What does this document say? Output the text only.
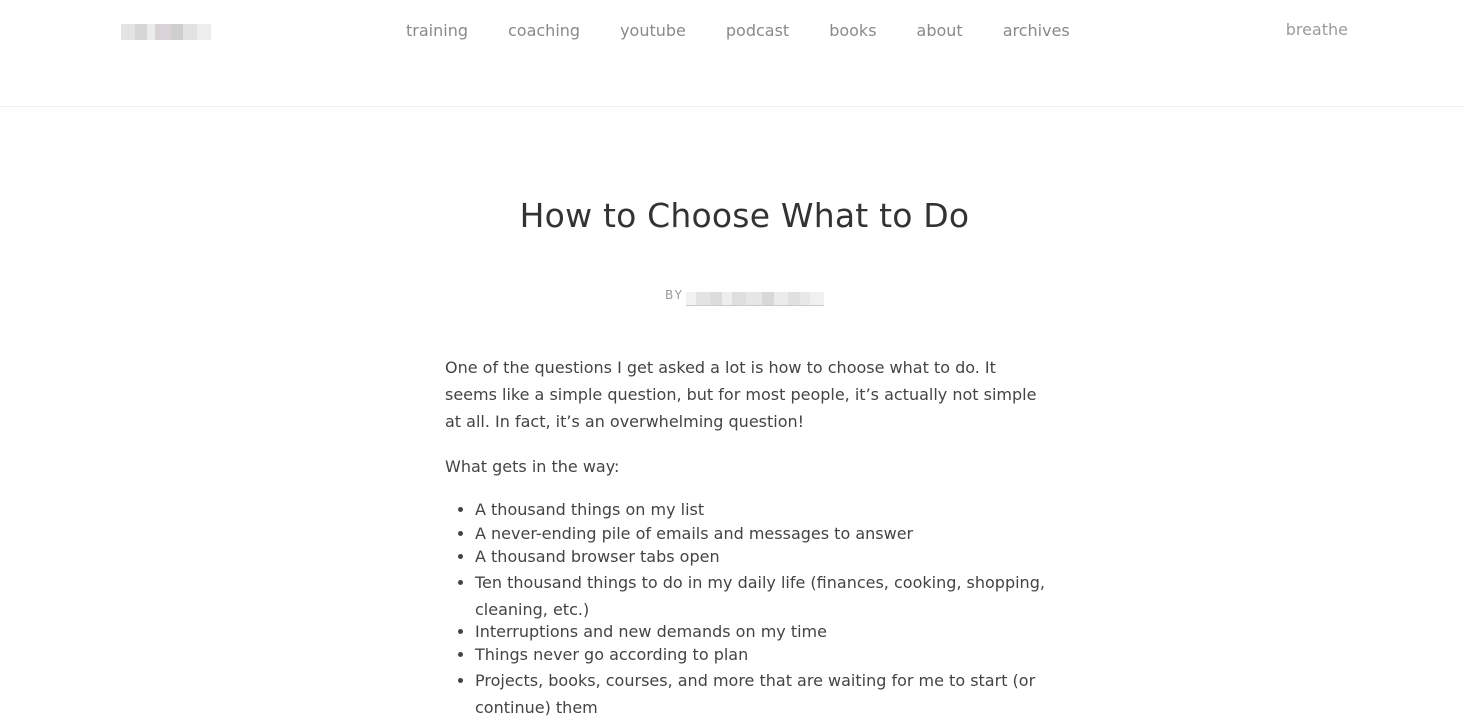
training	coaching	youtube	podcast	books	about	archives	breathe
How to Choose What to Do
BY

One of the questions I get asked a lot is how to choose what to do. It seems like a simple question, but for most people, it’s actually not simple at all. In fact, it’s an overwhelming question!

What gets in the way:

• A thousand things on my list
• A never-ending pile of emails and messages to answer
• A thousand browser tabs open
• Ten thousand things to do in my daily life (finances, cooking, shopping, cleaning, etc.)
• Interruptions and new demands on my time
• Things never go according to plan
• Projects, books, courses, and more that are waiting for me to start (or continue) them
